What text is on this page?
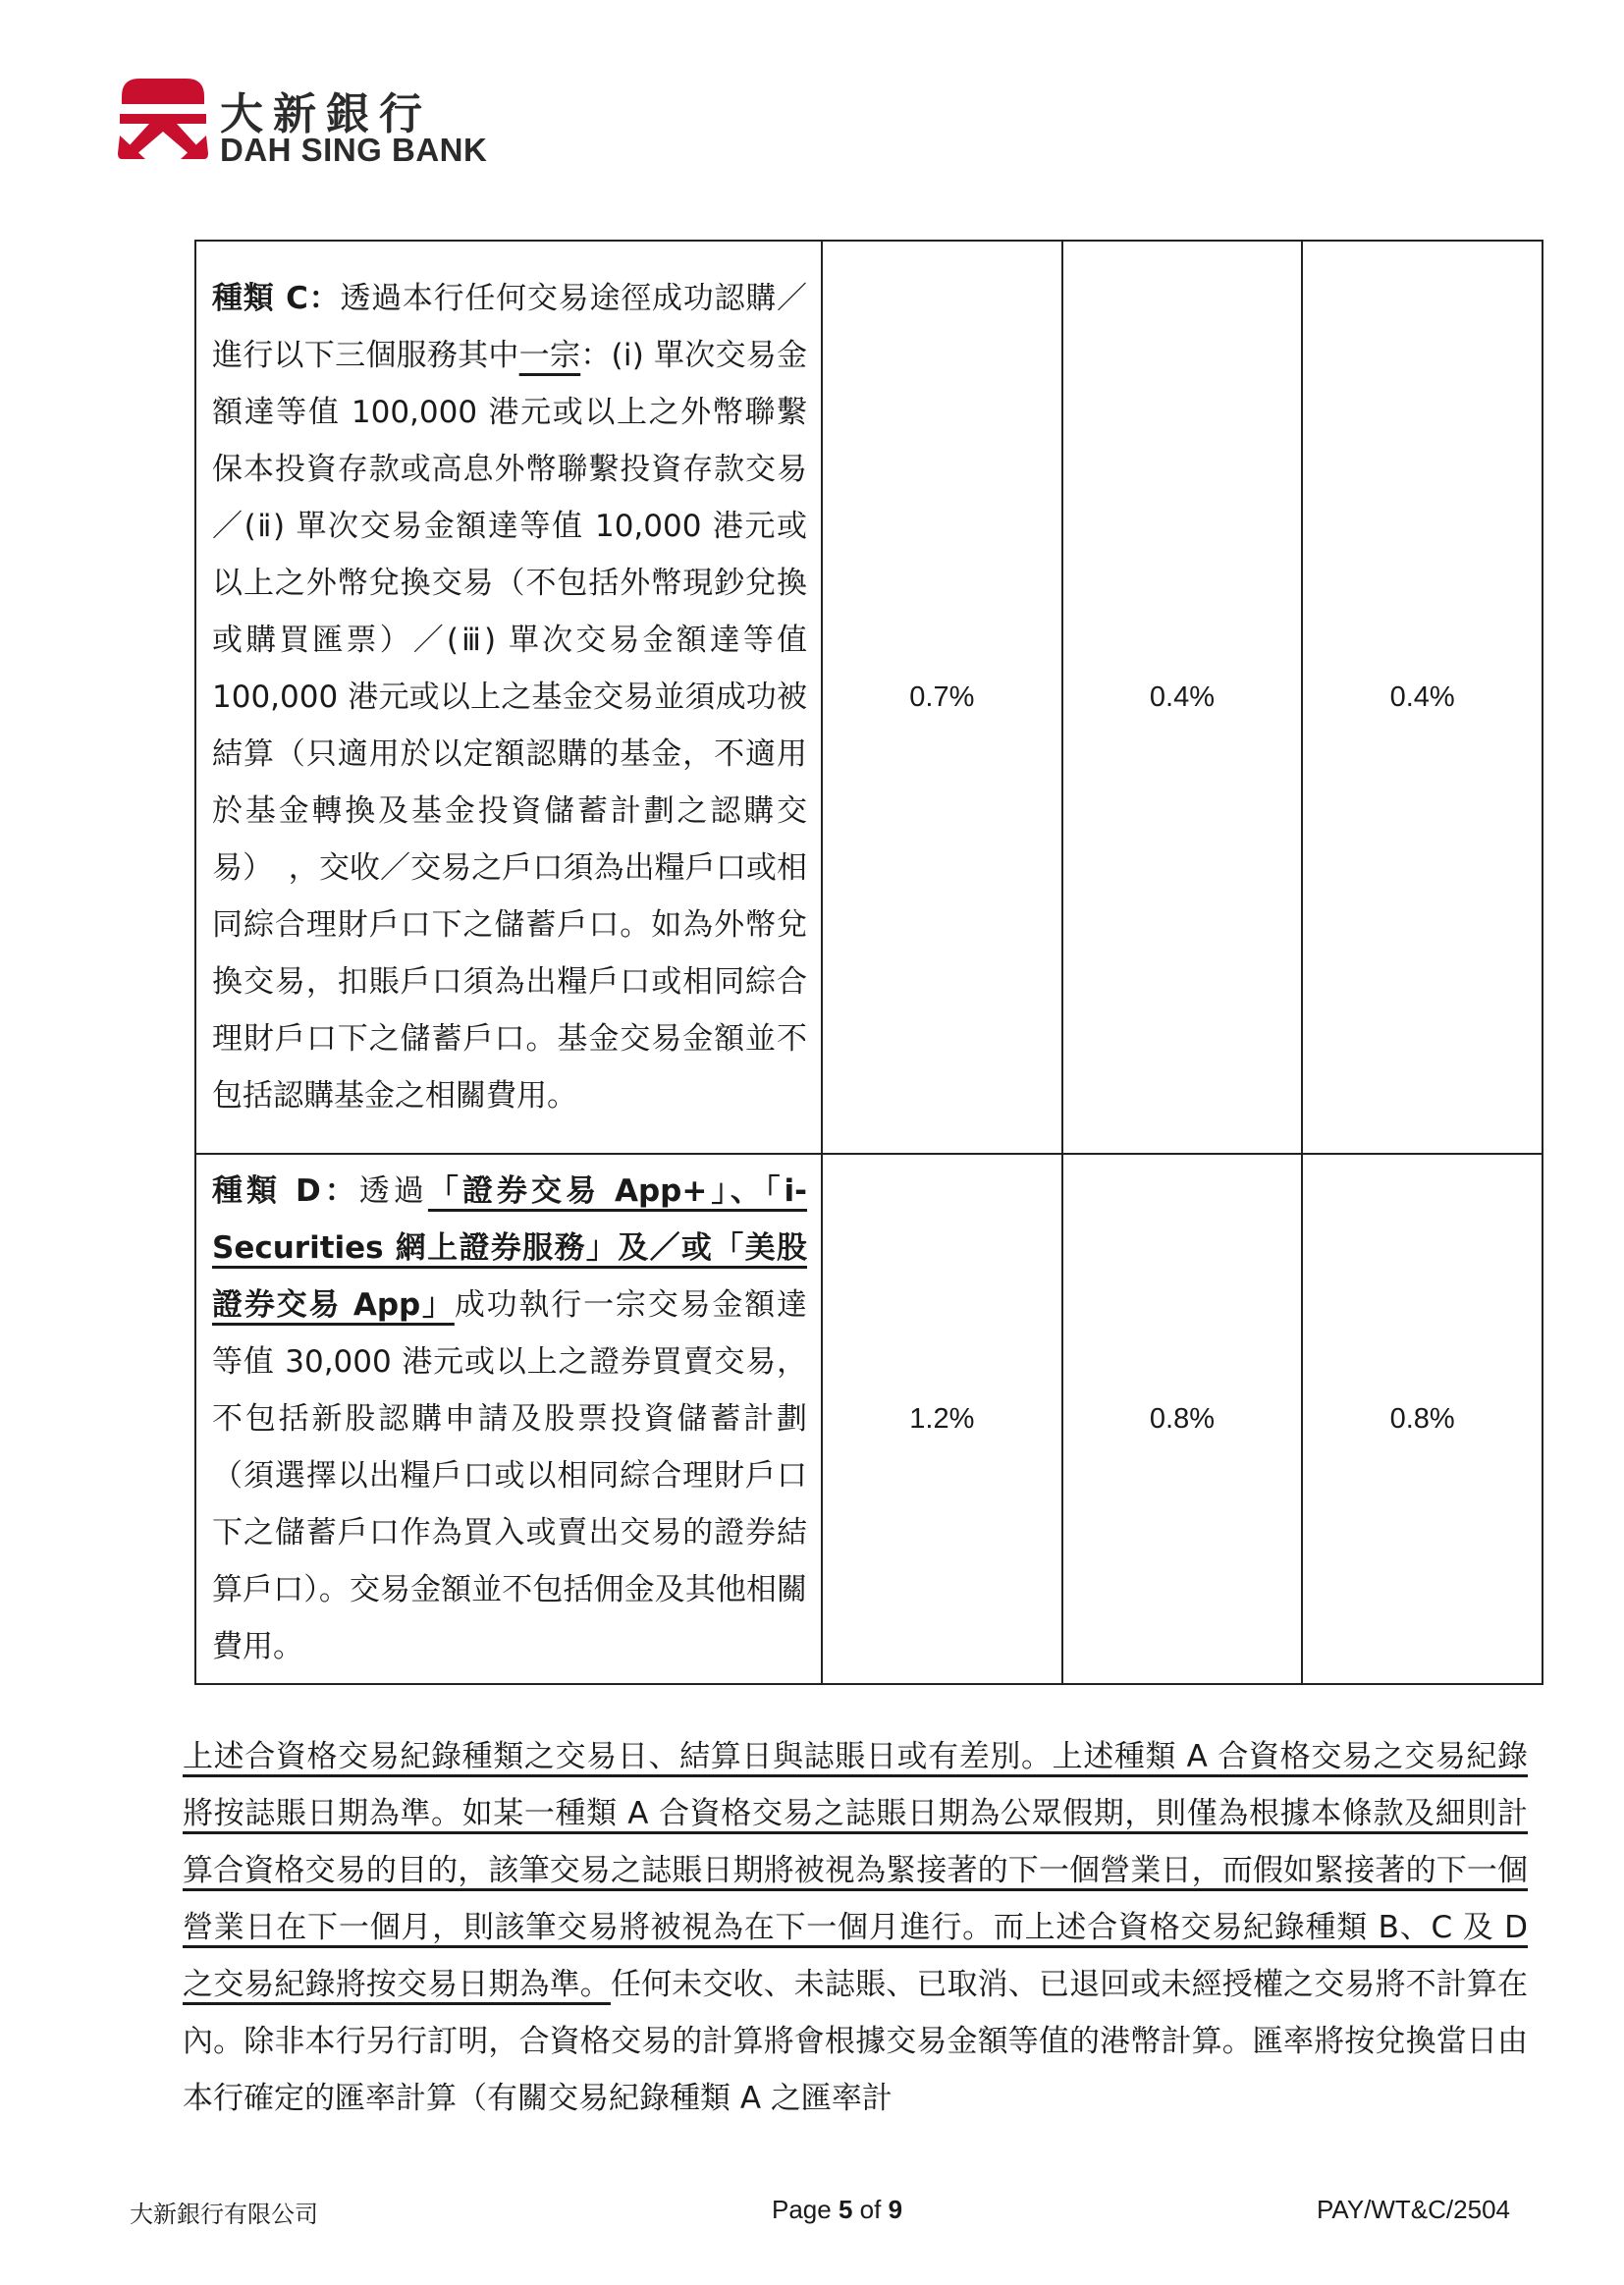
大新銀行
DAH SING BANK
種類 C：透過本行任何交易途徑成功認購／進行以下三個服務其中一宗：(ⅰ) 單次交易金額達等值 100,000 港元或以上之外幣聯繫保本投資存款或高息外幣聯繫投資存款交易／(ⅱ) 單次交易金額達等值 10,000 港元或以上之外幣兌換交易（不包括外幣現鈔兌換或購買匯票）／(ⅲ) 單次交易金額達等值 100,000 港元或以上之基金交易並須成功被結算（只適用於以定額認購的基金，不適用於基金轉換及基金投資儲蓄計劃之認購交易）　，交收／交易之戶口須為出糧戶口或相同綜合理財戶口下之儲蓄戶口。如為外幣兌換交易，扣賬戶口須為出糧戶口或相同綜合理財戶口下之儲蓄戶口。基金交易金額並不包括認購基金之相關費用。	0.7%	0.4%	0.4%
種類 D：透過「證券交易 App+」、「i-Securities 網上證券服務」及／或「美股證券交易 App」成功執行一宗交易金額達等值 30,000 港元或以上之證券買賣交易，不包括新股認購申請及股票投資儲蓄計劃（須選擇以出糧戶口或以相同綜合理財戶口下之儲蓄戶口作為買入或賣出交易的證券結算戶口）。交易金額並不包括佣金及其他相關費用。	1.2%	0.8%	0.8%
上述合資格交易紀錄種類之交易日、結算日與誌賬日或有差別。上述種類 A 合資格交易之交易紀錄將按誌賬日期為準。如某一種類 A 合資格交易之誌賬日期為公眾假期，則僅為根據本條款及細則計算合資格交易的目的，該筆交易之誌賬日期將被視為緊接著的下一個營業日，而假如緊接著的下一個營業日在下一個月，則該筆交易將被視為在下一個月進行。而上述合資格交易紀錄種類 B、C 及 D 之交易紀錄將按交易日期為準。任何未交收、未誌賬、已取消、已退回或未經授權之交易將不計算在內。除非本行另行訂明，合資格交易的計算將會根據交易金額等值的港幣計算。匯率將按兌換當日由本行確定的匯率計算（有關交易紀錄種類 A 之匯率計
大新銀行有限公司	Page 5 of 9	PAY/WT&C/2504
